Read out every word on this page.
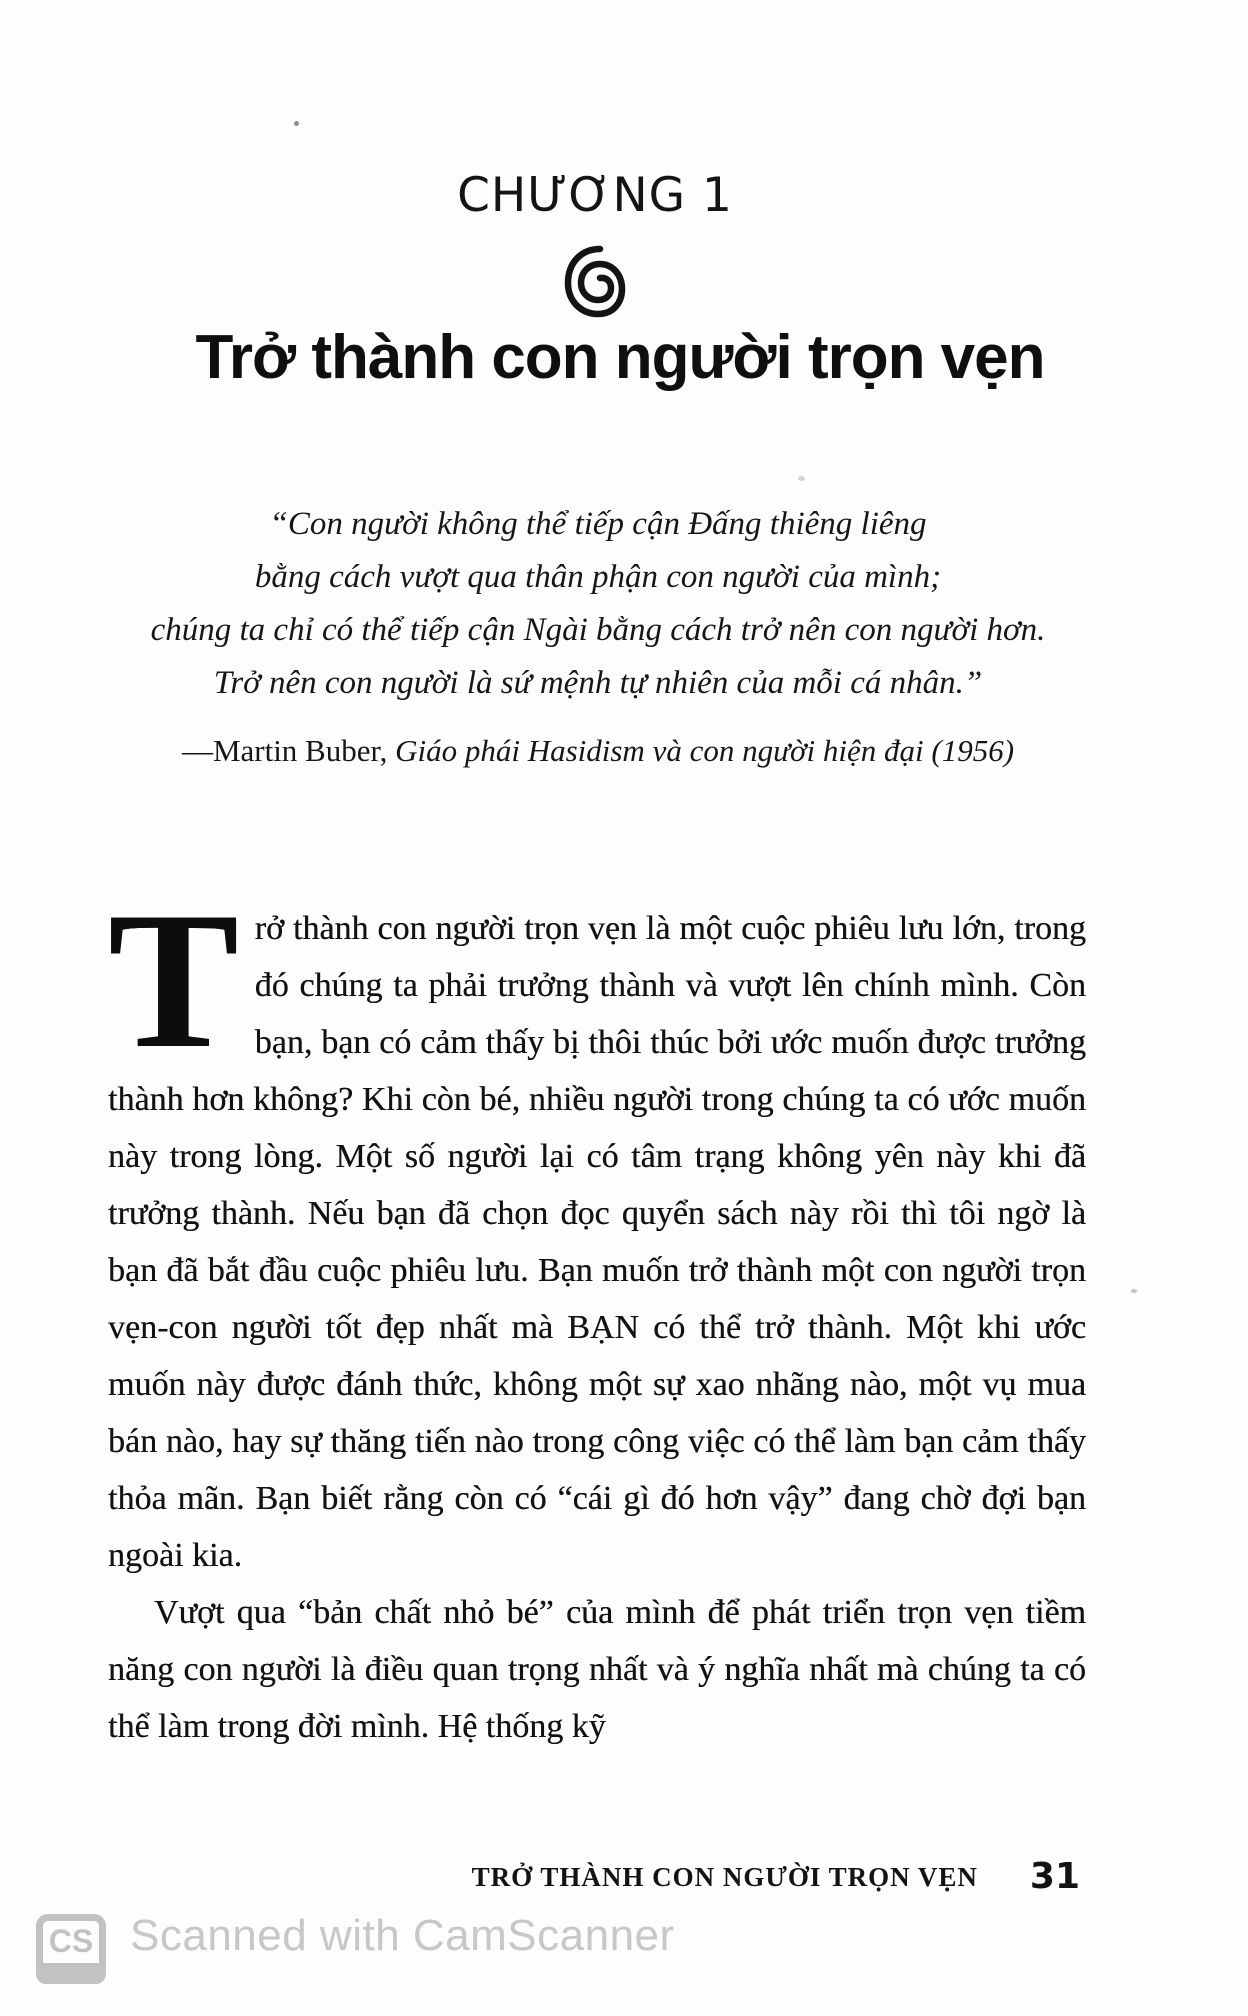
CHƯƠNG 1
Trở thành con người trọn vẹn
“Con người không thể tiếp cận Đấng thiêng liêng
bằng cách vượt qua thân phận con người của mình;
chúng ta chỉ có thể tiếp cận Ngài bằng cách trở nên con người hơn.
Trở nên con người là sứ mệnh tự nhiên của mỗi cá nhân.”
—Martin Buber, Giáo phái Hasidism và con người hiện đại (1956)
T rở thành con người trọn vẹn là một cuộc phiêu lưu lớn, trong đó chúng ta phải trưởng thành và vượt lên chính mình. Còn bạn, bạn có cảm thấy bị thôi thúc bởi ước muốn được trưởng thành hơn không? Khi còn bé, nhiều người trong chúng ta có ước muốn này trong lòng. Một số người lại có tâm trạng không yên này khi đã trưởng thành. Nếu bạn đã chọn đọc quyển sách này rồi thì tôi ngờ là bạn đã bắt đầu cuộc phiêu lưu. Bạn muốn trở thành một con người trọn vẹn-con người tốt đẹp nhất mà BẠN có thể trở thành. Một khi ước muốn này được đánh thức, không một sự xao nhãng nào, một vụ mua bán nào, hay sự thăng tiến nào trong công việc có thể làm bạn cảm thấy thỏa mãn. Bạn biết rằng còn có “cái gì đó hơn vậy” đang chờ đợi bạn ngoài kia.

Vượt qua “bản chất nhỏ bé” của mình để phát triển trọn vẹn tiềm năng con người là điều quan trọng nhất và ý nghĩa nhất mà chúng ta có thể làm trong đời mình. Hệ thống kỹ

TRỞ THÀNH CON NGƯỜI TRỌN VẸN 31
CS Scanned with CamScanner
